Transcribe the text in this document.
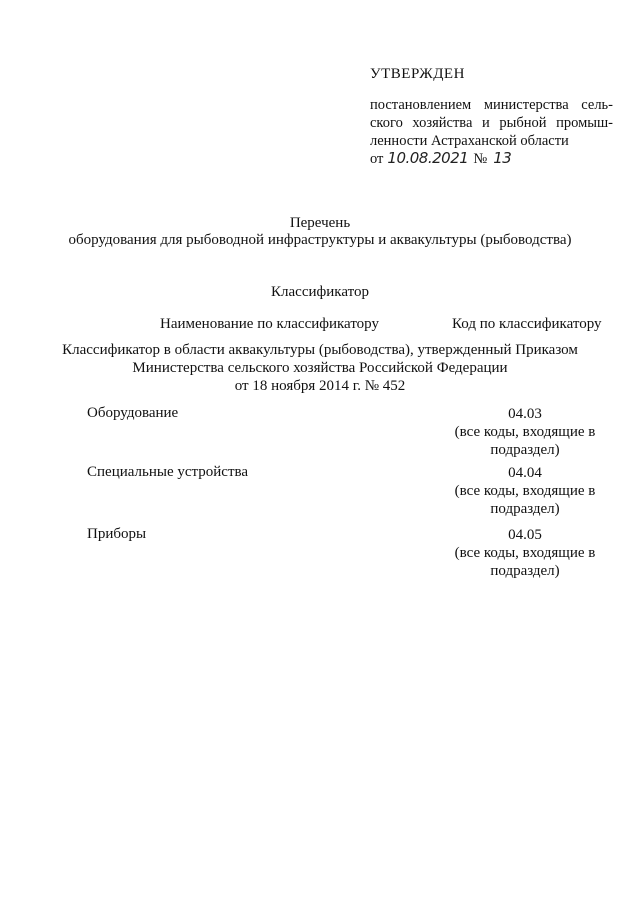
УТВЕРЖДЕН
постановлением министерства сель-
ского хозяйства и рыбной промыш-
ленности Астраханской области
от 10.08.2021 № 13
Перечень
оборудования для рыбоводной инфраструктуры и аквакультуры (рыбоводства)
Классификатор
Наименование по классификатору	Код по классификатору
Классификатор в области аквакультуры (рыбоводства), утвержденный Приказом
Министерства сельского хозяйства Российской Федерации
от 18 ноября 2014 г. № 452
Оборудование	04.03
(все коды, входящие в
подраздел)
Специальные устройства	04.04
(все коды, входящие в
подраздел)
Приборы	04.05
(все коды, входящие в
подраздел)
